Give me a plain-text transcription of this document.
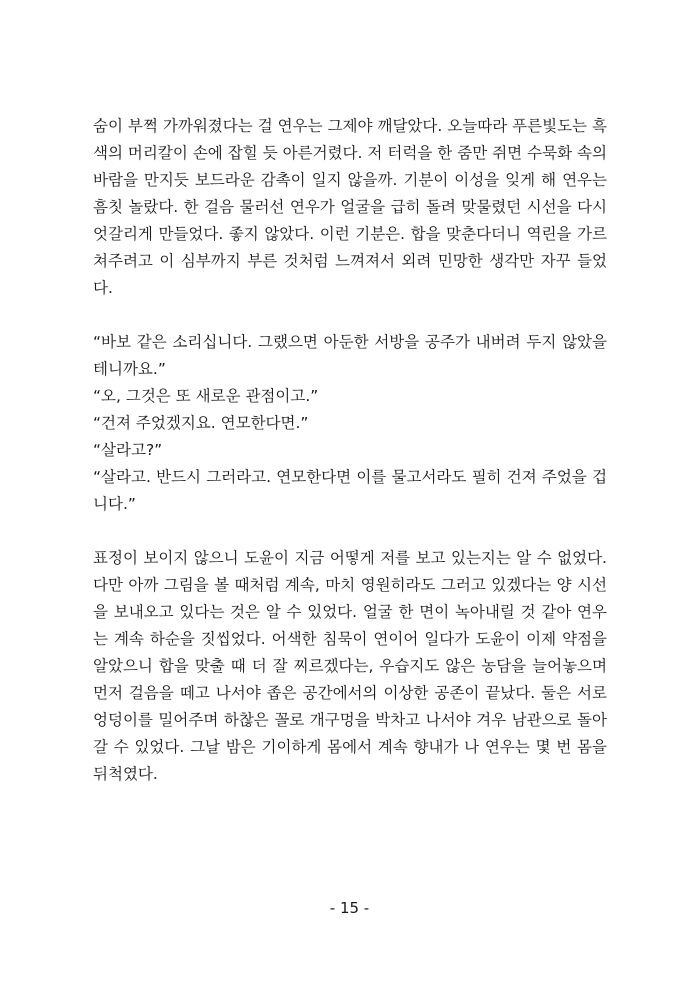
숨이 부쩍 가까워졌다는 걸 연우는 그제야 깨달았다. 오늘따라 푸른빛도는 흑색의 머리칼이 손에 잡힐 듯 아른거렸다. 저 터럭을 한 줌만 쥐면 수묵화 속의 바람을 만지듯 보드라운 감촉이 일지 않을까. 기분이 이성을 잊게 해 연우는 흠칫 놀랐다. 한 걸음 물러선 연우가 얼굴을 급히 돌려 맞물렸던 시선을 다시 엇갈리게 만들었다. 좋지 않았다. 이런 기분은. 합을 맞춘다더니 역린을 가르쳐주려고 이 심부까지 부른 것처럼 느껴져서 외려 민망한 생각만 자꾸 들었다.

“바보 같은 소리십니다. 그랬으면 아둔한 서방을 공주가 내버려 두지 않았을 테니까요.”

“오, 그것은 또 새로운 관점이고.”

“건져 주었겠지요. 연모한다면.”

“살라고?”

“살라고. 반드시 그러라고. 연모한다면 이를 물고서라도 필히 건져 주었을 겁니다.”

표정이 보이지 않으니 도윤이 지금 어떻게 저를 보고 있는지는 알 수 없었다. 다만 아까 그림을 볼 때처럼 계속, 마치 영원히라도 그러고 있겠다는 양 시선을 보내오고 있다는 것은 알 수 있었다. 얼굴 한 면이 녹아내릴 것 같아 연우는 계속 하순을 짓씹었다. 어색한 침묵이 연이어 일다가 도윤이 이제 약점을 알았으니 합을 맞출 때 더 잘 찌르겠다는, 우습지도 않은 농담을 늘어놓으며 먼저 걸음을 떼고 나서야 좁은 공간에서의 이상한 공존이 끝났다. 둘은 서로 엉덩이를 밀어주며 하찮은 꼴로 개구멍을 박차고 나서야 겨우 남관으로 돌아갈 수 있었다. 그날 밤은 기이하게 몸에서 계속 향내가 나 연우는 몇 번 몸을 뒤척였다.

- 15 -
